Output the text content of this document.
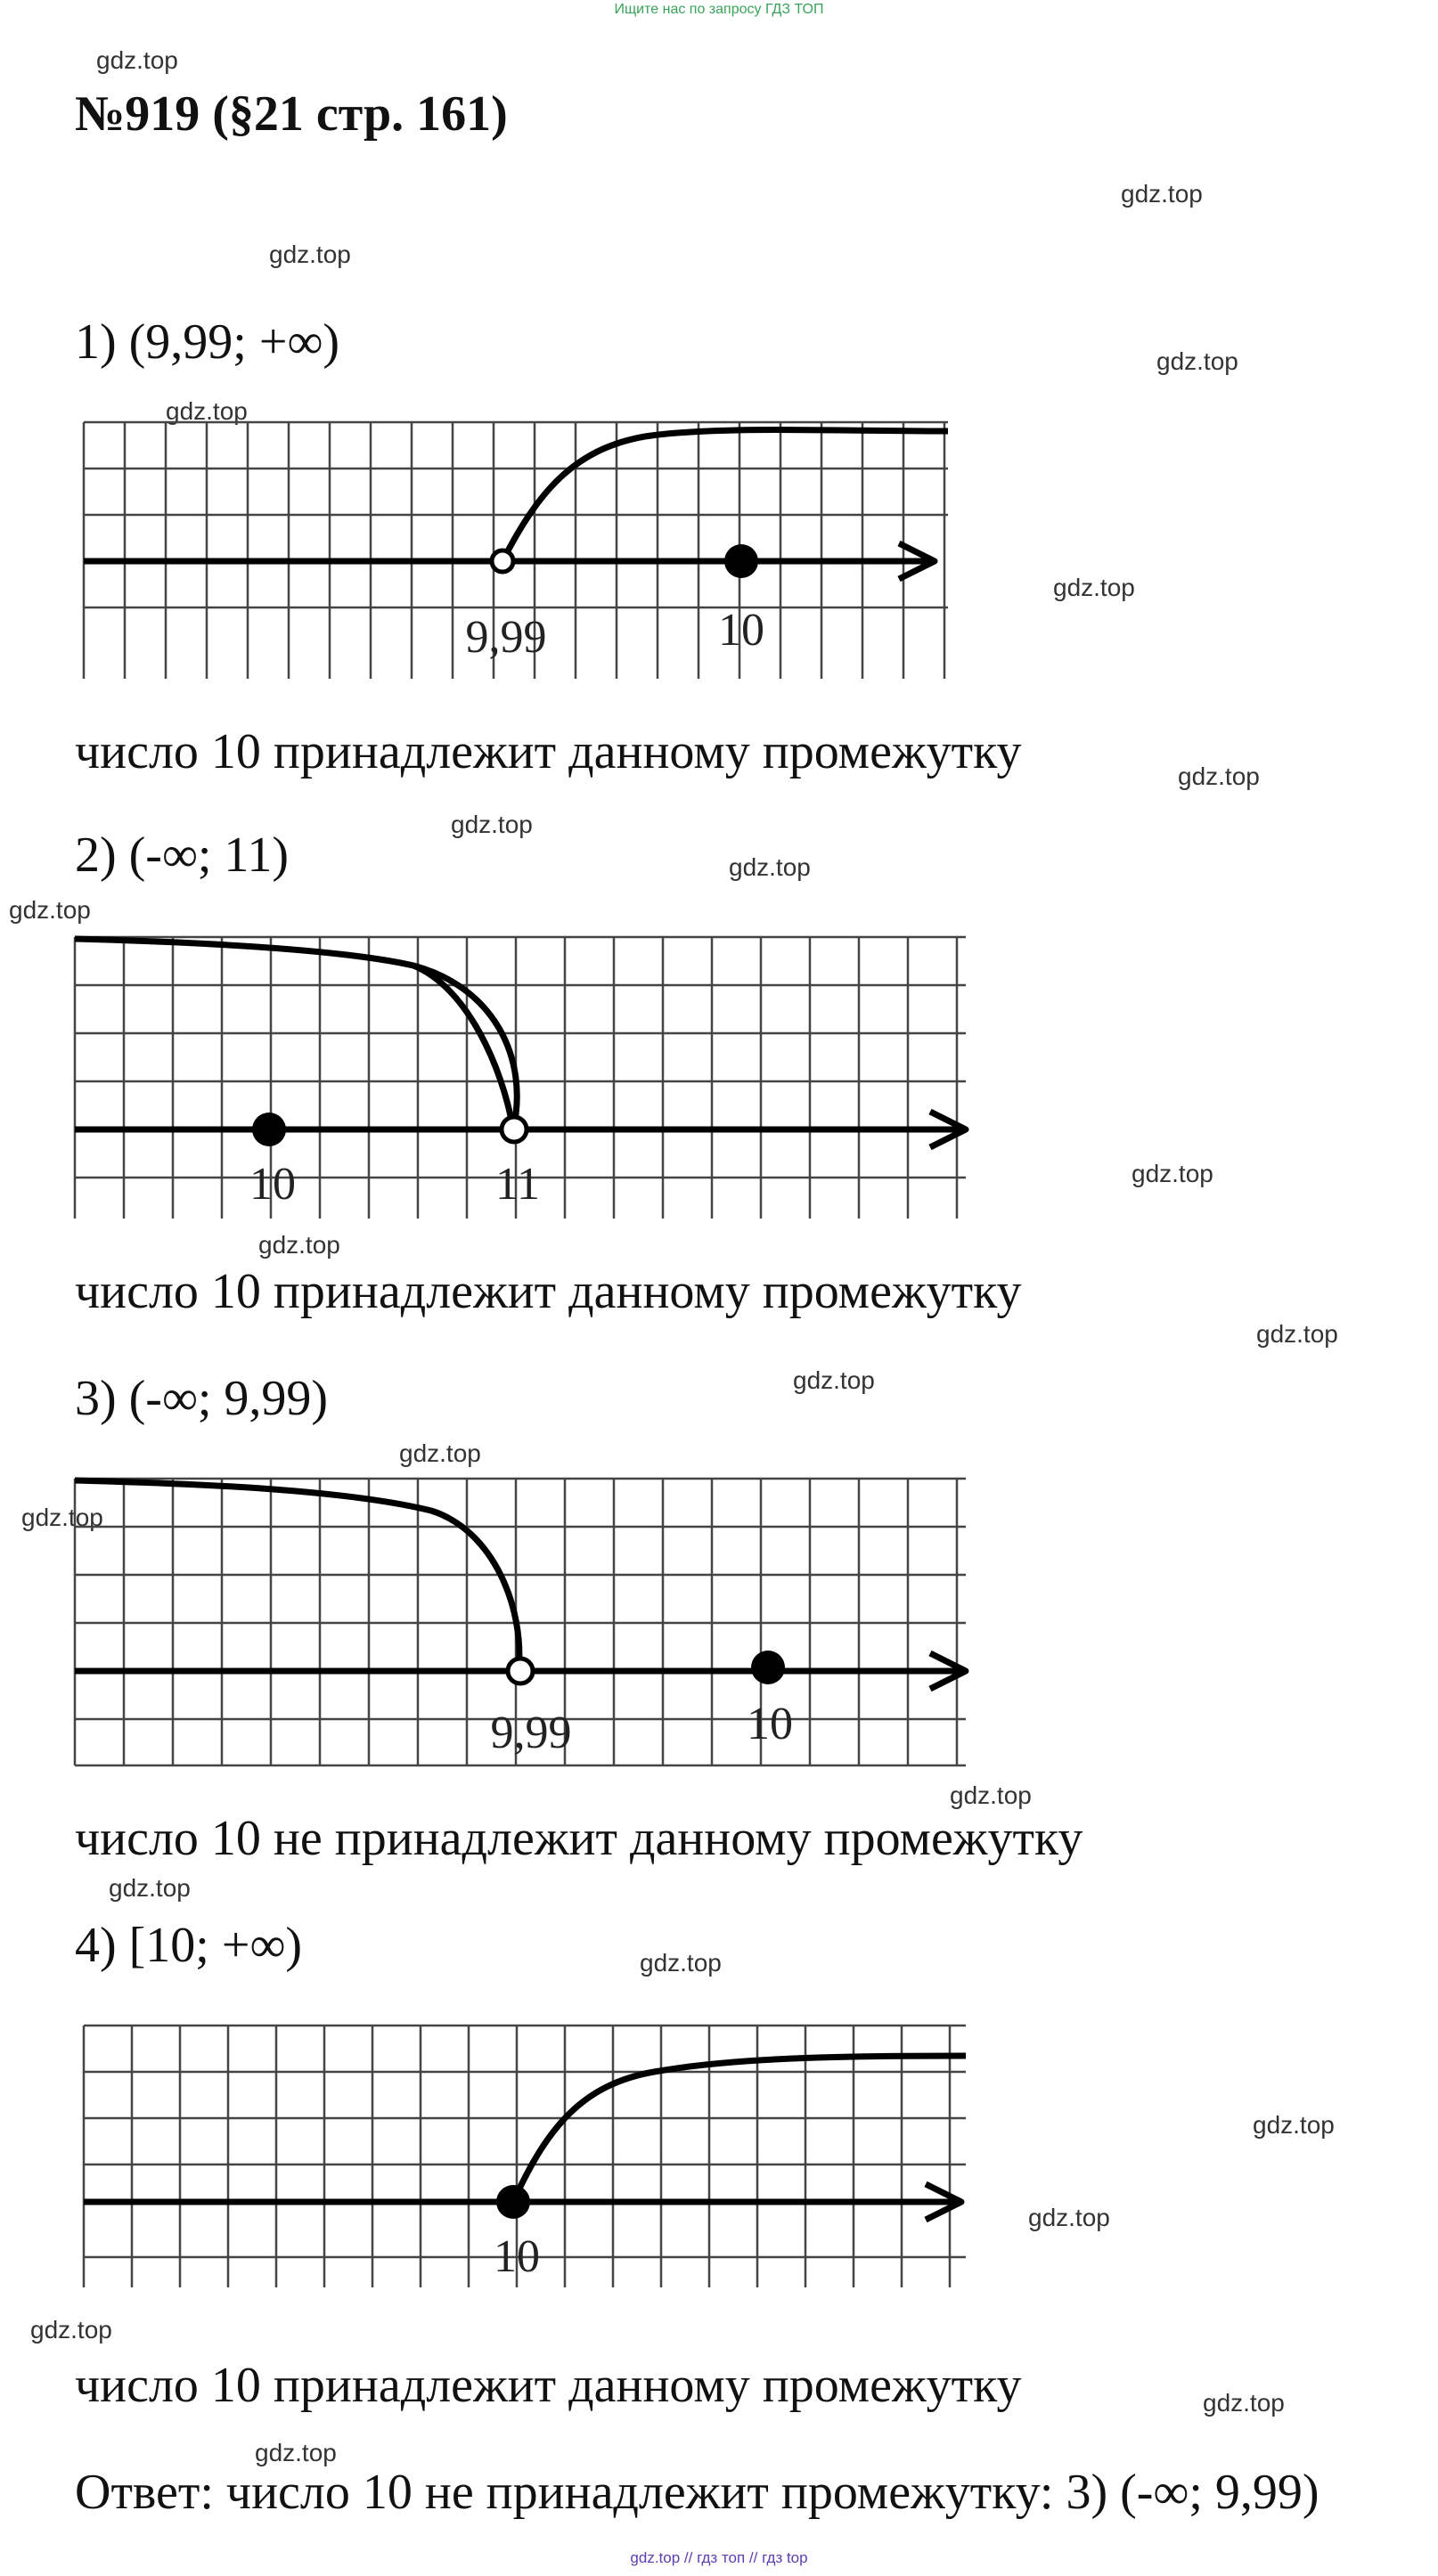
Ищите нас по запросу ГДЗ ТОП
gdz.top
gdz.top
gdz.top
gdz.top
gdz.top
gdz.top
gdz.top
gdz.top
gdz.top
gdz.top
gdz.top
gdz.top
gdz.top
gdz.top
gdz.top
gdz.top
gdz.top
gdz.top
gdz.top
gdz.top
gdz.top
gdz.top
gdz.top
gdz.top
№919 (§21 стр. 161)
1) (9,99; +∞)
9,99	10
число 10 принадлежит данному промежутку
2) (-∞; 11)
10	11
число 10 принадлежит данному промежутку
3) (-∞; 9,99)
9,99	10
число 10 не принадлежит данному промежутку
4) [10; +∞)
10
число 10 принадлежит данному промежутку
Ответ: число 10 не принадлежит промежутку: 3) (-∞; 9,99)
gdz.top // гдз топ // гдз top
